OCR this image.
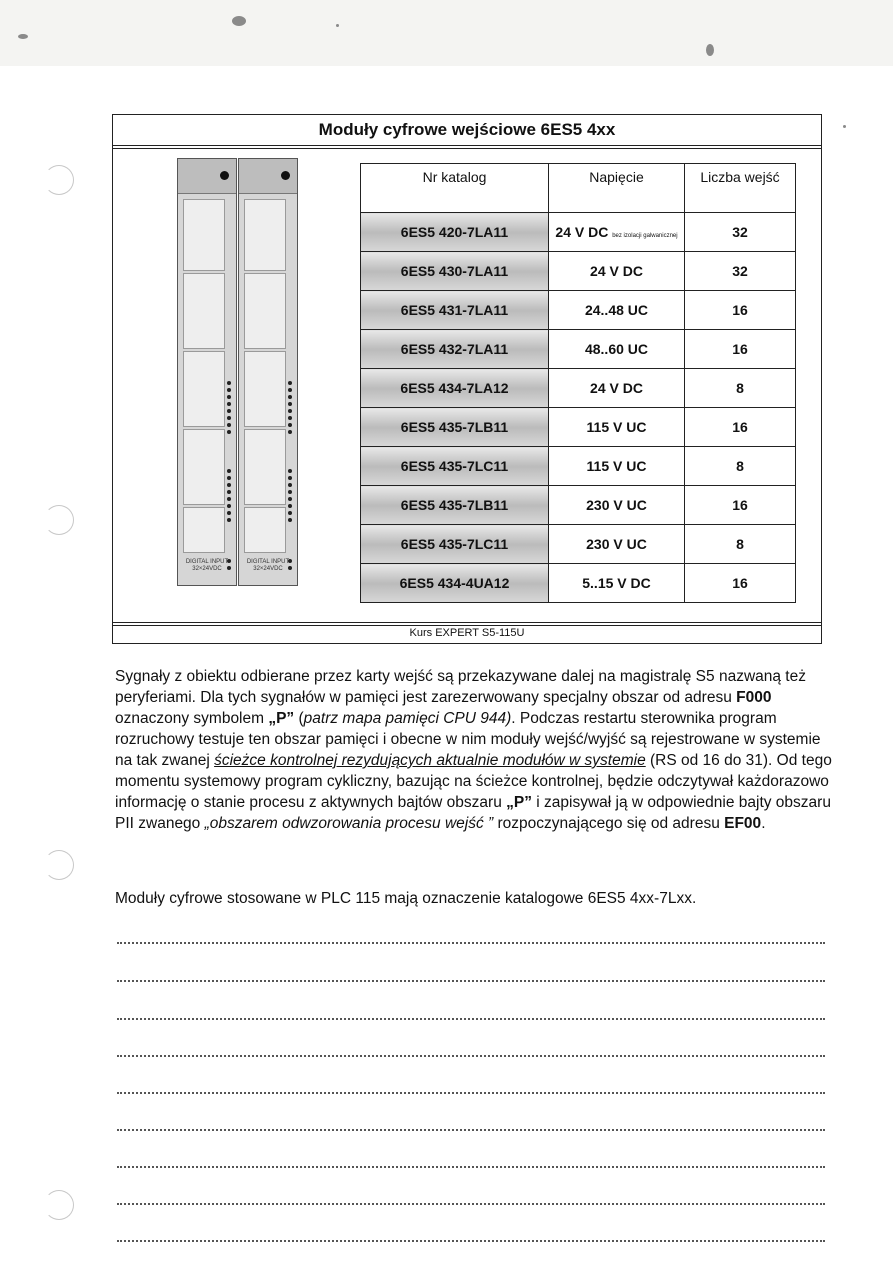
Moduły cyfrowe wejściowe 6ES5 4xx
Kurs EXPERT S5-115U
DIGITAL INPUT 32×24VDC
DIGITAL INPUT 32×24VDC
Nr katalog	Napięcie	Liczba wejść
6ES5 420-7LA11	24 V DC bez izolacji galwanicznej	32
6ES5 430-7LA11	24 V DC	32
6ES5 431-7LA11	24..48 UC	16
6ES5 432-7LA11	48..60 UC	16
6ES5 434-7LA12	24 V DC	8
6ES5 435-7LB11	115 V UC	16
6ES5 435-7LC11	115 V UC	8
6ES5 435-7LB11	230 V UC	16
6ES5 435-7LC11	230 V UC	8
6ES5 434-4UA12	5..15 V DC	16
Sygnały z obiektu odbierane przez karty wejść są przekazywane dalej na magistralę S5 nazwaną też peryferiami. Dla tych sygnałów w pamięci jest zarezerwowany specjalny obszar od adresu F000 oznaczony symbolem „P” (patrz mapa pamięci CPU 944). Podczas restartu sterownika program rozruchowy testuje ten obszar pamięci i obecne w nim moduły wejść/wyjść są rejestrowane w systemie na tak zwanej ścieżce kontrolnej rezydujących aktualnie modułów w systemie (RS od 16 do 31). Od tego momentu systemowy program cykliczny, bazując na ścieżce kontrolnej, będzie odczytywał każdorazowo informację o stanie procesu z aktywnych bajtów obszaru „P” i zapisywał ją w odpowiednie bajty obszaru PII zwanego „obszarem odwzorowania procesu wejść ” rozpoczynającego się od adresu EF00.
Moduły cyfrowe stosowane w PLC 115 mają oznaczenie katalogowe 6ES5 4xx-7Lxx.
